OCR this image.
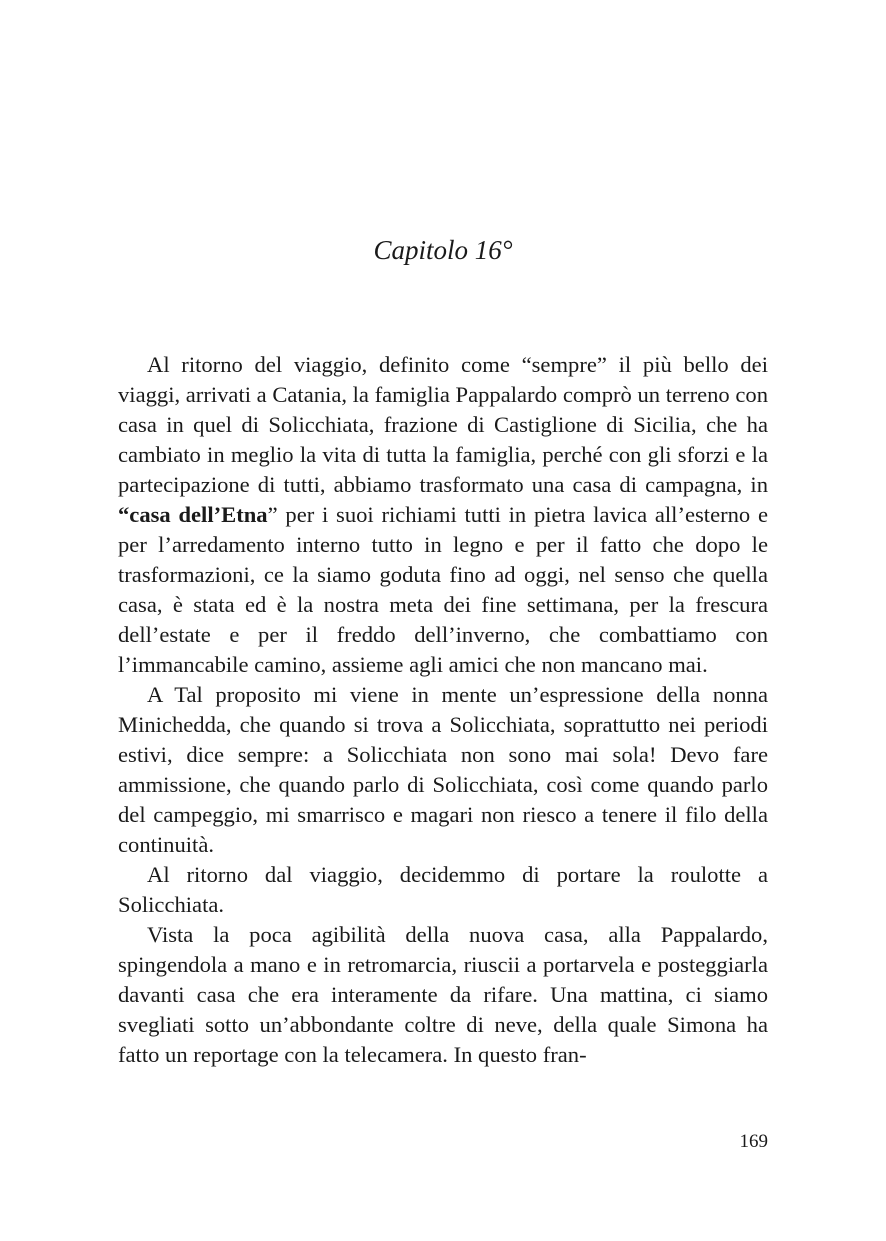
Capitolo 16°

Al ritorno del viaggio, definito come “sempre” il più bello dei viaggi, arrivati a Catania, la famiglia Pappalardo comprò un terreno con casa in quel di Solicchiata, frazione di Castiglione di Sicilia, che ha cambiato in meglio la vita di tutta la famiglia, perché con gli sforzi e la partecipazione di tutti, abbiamo trasformato una casa di campagna, in “casa dell’Etna” per i suoi richiami tutti in pietra lavica all’esterno e per l’arredamento interno tutto in legno e per il fatto che dopo le trasformazioni, ce la siamo goduta fino ad oggi, nel senso che quella casa, è stata ed è la nostra meta dei fine settimana, per la frescura dell’estate e per il freddo dell’inverno, che combattiamo con l’immancabile camino, assieme agli amici che non mancano mai.

A Tal proposito mi viene in mente un’espressione della nonna Minichedda, che quando si trova a Solicchiata, soprattutto nei periodi estivi, dice sempre: a Solicchiata non sono mai sola! Devo fare ammissione, che quando parlo di Solicchiata, così come quando parlo del campeggio, mi smarrisco e magari non riesco a tenere il filo della continuità.

Al ritorno dal viaggio, decidemmo di portare la roulotte a Solicchiata.

Vista la poca agibilità della nuova casa, alla Pappalardo, spingendola a mano e in retromarcia, riuscii a portarvela e posteggiarla davanti casa che era interamente da rifare. Una mattina, ci siamo svegliati sotto un’abbondante coltre di neve, della quale Simona ha fatto un reportage con la telecamera. In questo fran-

169
